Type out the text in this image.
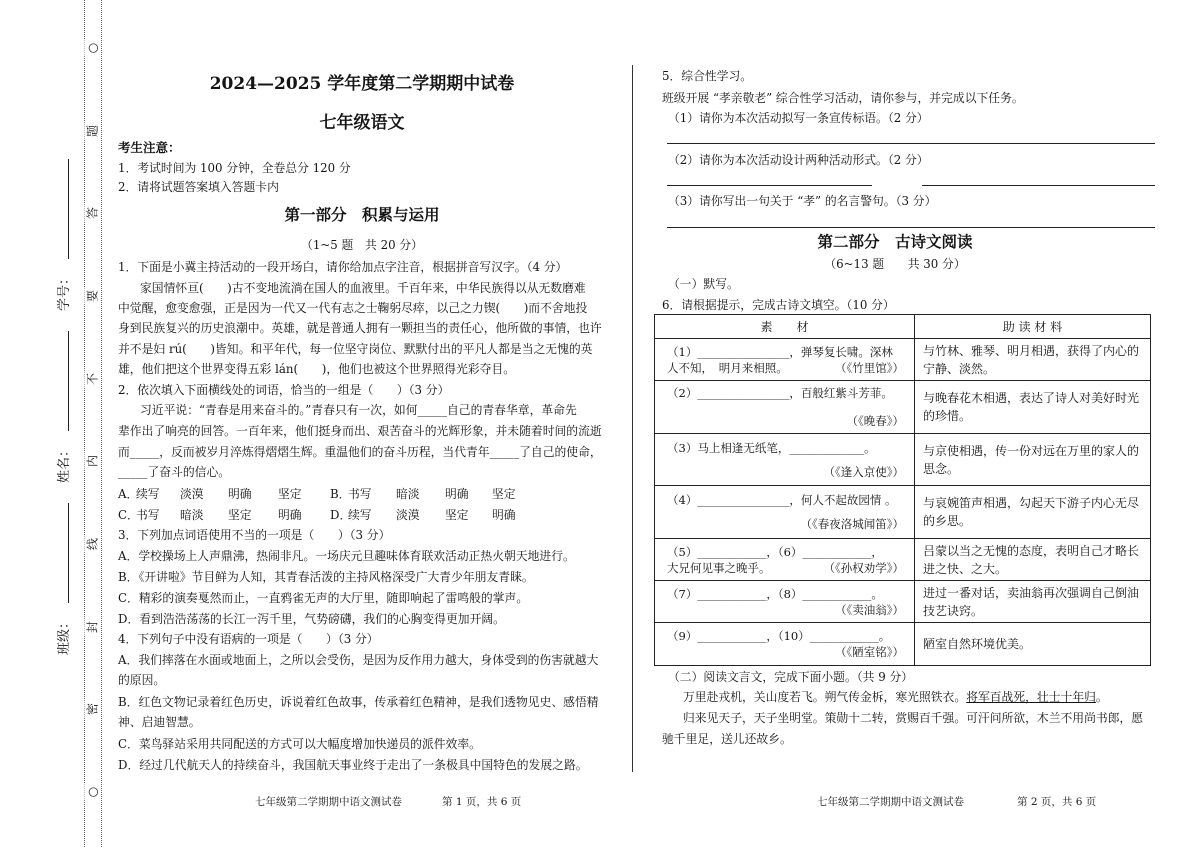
○
密
封
线
内
不
要
答
题
○
班级：
姓名：
学号：
2024—2025 学年度第二学期期中试卷
七年级语文
考生注意：
1．考试时间为 100 分钟，全卷总分 120 分
2．请将试题答案填入答题卡内
第一部分　积累与运用
（1~5 题　共 20 分）
1．下面是小冀主持活动的一段开场白，请你给加点字注音，根据拼音写汉字。（4 分）
家国情怀亘(　　)古不变地流淌在国人的血液里。千百年来，中华民族得以从无数磨难
中觉醒，愈变愈强，正是因为一代又一代有志之士鞠躬尽瘁，以己之力锲(　　)而不舍地投
身到民族复兴的历史浪潮中。英雄，就是普通人拥有一颗担当的责任心，他所做的事情，也许
并不是妇 rú(　　)皆知。和平年代，每一位坚守岗位、默默付出的平凡人都是当之无愧的英
雄，他们把这个世界变得五彩 lán(　　)，他们也被这个世界照得光彩夺目。
2．依次填入下面横线处的词语，恰当的一组是（　　）（3 分）
习近平说：“青春是用来奋斗的。”青春只有一次，如何_____自己的青春华章，革命先
辈作出了响亮的回答。一百年来，他们挺身而出、艰苦奋斗的光辉形象，并未随着时间的流逝
而_____，反而被岁月淬炼得熠熠生辉。重温他们的奋斗历程，当代青年_____了自己的使命，
_____了奋斗的信心。
A．
续写 淡漠 明确 坚定 B．
书写 暗淡 明确 坚定
C．
书写 暗淡 坚定 明确 D．
续写 淡漠 坚定 明确
3．下列加点词语使用不当的一项是（　　）（3 分）
A．学校操场上人声鼎沸，热闹非凡。一场庆元旦趣味体育联欢活动正热火朝天地进行。
B．《开讲啦》节目鲜为人知，其青春活泼的主持风格深受广大青少年朋友青睐。
C．精彩的演奏戛然而止，一直鸦雀无声的大厅里，随即响起了雷鸣般的掌声。
D．看到浩浩荡荡的长江一泻千里，气势磅礴，我们的心胸变得更加开阔。
4．下列句子中没有语病的一项是（　　）（3 分）
A．我们摔落在水面或地面上，之所以会受伤，是因为反作用力越大，身体受到的伤害就越大
的原因。
B．红色文物记录着红色历史，诉说着红色故事，传承着红色精神，是我们透物见史、感悟精
神、启迪智慧。
C．菜鸟驿站采用共同配送的方式可以大幅度增加快递员的派件效率。
D．经过几代航天人的持续奋斗，我国航天事业终于走出了一条极具中国特色的发展之路。
七年级第二学期期中语文测试卷	第 1 页，共 6 页
5．综合性学习。
班级开展 “孝亲敬老” 综合性学习活动，请你参与，并完成以下任务。
（1）请你为本次活动拟写一条宣传标语。（2 分）
（2）请你为本次活动设计两种活动形式。（2 分）
（3）请你写出一句关于 “孝” 的名言警句。（3 分）
第二部分　古诗文阅读
（6~13 题　　共 30 分）
（一）默写。
6．请根据提示，完成古诗文填空。（10 分）
素　　材	助 读 材 料

（1）________________，弹琴复长啸。深林
人不知，　明月来相照。 （《竹里馆》）	与竹林、雅琴、明月相遇，获得了内心的宁静、淡然。

（2）________________，百般红紫斗芳菲。
（《晚春》）	与晚春花木相遇，表达了诗人对美好时光的珍惜。

（3）马上相逢无纸笔，_____________。
（《逢入京使》）	与京使相遇，传一份对远在万里的家人的思念。

（4）________________，何人不起故园情 。
（《春夜洛城闻笛》）	与哀婉笛声相遇，勾起天下游子内心无尽的乡思。

（5）____________，（6）____________，
大兄何见事之晚乎。 （《孙权劝学》）	吕蒙以当之无愧的态度，表明自己才略长进之快、之大。

（7）____________，（8）____________。
（《卖油翁》）	进过一番对话，卖油翁再次强调自己倒油技艺诀窍。

（9）____________，（10）____________。
（《陋室铭》）	陋室自然环境优美。
（二）阅读文言文，完成下面小题。（共 9 分）
万里赴戎机，关山度若飞。朔气传金柝，寒光照铁衣。将军百战死，壮士十年归。
归来见天子，天子坐明堂。策勋十二转，赏赐百千强。可汗问所欲，木兰不用尚书郎，愿
驰千里足，送儿还故乡。
七年级第二学期期中语文测试卷	第 2 页，共 6 页
